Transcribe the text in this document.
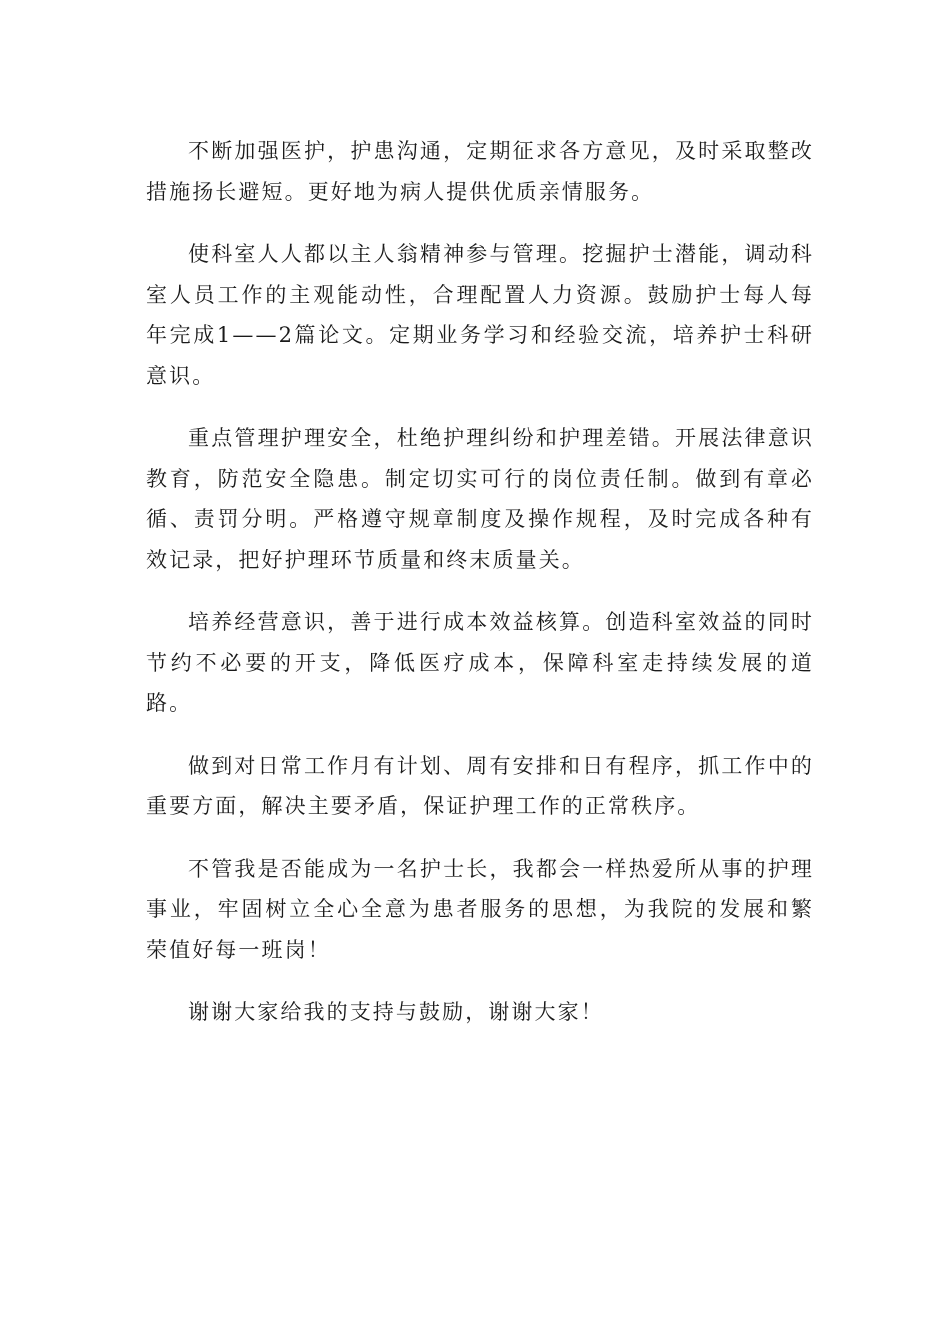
不断加强医护，护患沟通，定期征求各方意见，及时采取整改措施扬长避短。更好地为病人提供优质亲情服务。

使科室人人都以主人翁精神参与管理。挖掘护士潜能，调动科室人员工作的主观能动性，合理配置人力资源。鼓励护士每人每年完成1——2篇论文。定期业务学习和经验交流，培养护士科研意识。

重点管理护理安全，杜绝护理纠纷和护理差错。开展法律意识教育，防范安全隐患。制定切实可行的岗位责任制。做到有章必循、责罚分明。严格遵守规章制度及操作规程，及时完成各种有效记录，把好护理环节质量和终末质量关。

培养经营意识，善于进行成本效益核算。创造科室效益的同时节约不必要的开支，降低医疗成本，保障科室走持续发展的道路。

做到对日常工作月有计划、周有安排和日有程序，抓工作中的重要方面，解决主要矛盾，保证护理工作的正常秩序。

不管我是否能成为一名护士长，我都会一样热爱所从事的护理事业，牢固树立全心全意为患者服务的思想，为我院的发展和繁荣值好每一班岗！

谢谢大家给我的支持与鼓励，谢谢大家！
